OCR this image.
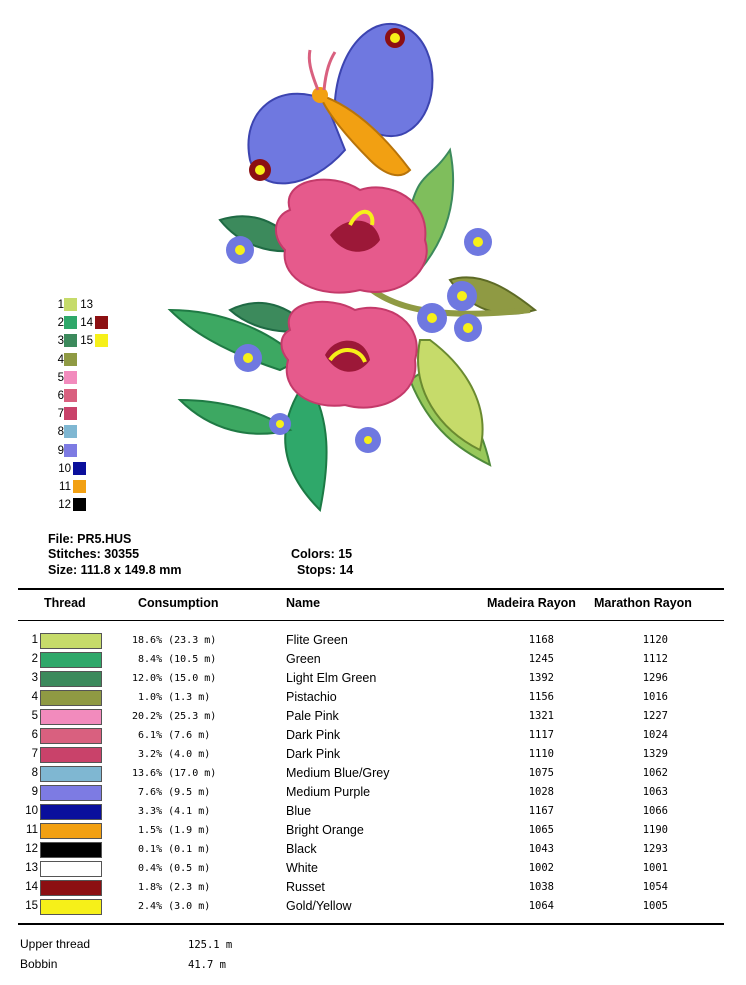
1
2
3
4
5
6
7
8
9
10
11
12
13
14
15
File: PR5.HUS
Stitches: 30355
Size: 111.8 x 149.8 mm
Colors: 15
Stops: 14
Thread	Consumption	Name	Madeira Rayon Marathon Rayon
1	18.6% (23.3 m)	Flite Green	1168	1120
2	8.4% (10.5 m)	Green	1245	1112
3	12.0% (15.0 m)	Light Elm Green	1392	1296
4	1.0% (1.3 m)	Pistachio	1156	1016
5	20.2% (25.3 m)	Pale Pink	1321	1227
6	6.1% (7.6 m)	Dark Pink	1117	1024
7	3.2% (4.0 m)	Dark Pink	1110	1329
8	13.6% (17.0 m)	Medium Blue/Grey	1075	1062
9	7.6% (9.5 m)	Medium Purple	1028	1063
10	3.3% (4.1 m)	Blue	1167	1066
11	1.5% (1.9 m)	Bright Orange	1065	1190
12	0.1% (0.1 m)	Black	1043	1293
13	0.4% (0.5 m)	White	1002	1001
14	1.8% (2.3 m)	Russet	1038	1054
15	2.4% (3.0 m)	Gold/Yellow	1064	1005
Upper thread	125.1 m
Bobbin	41.7 m
